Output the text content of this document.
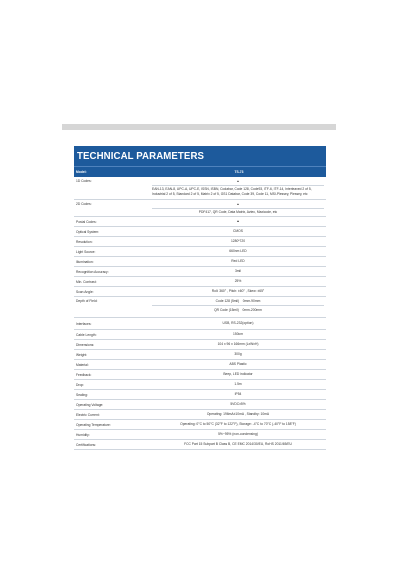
TECHNICAL PARAMETERS
Model:	TS-73
1D Codes:	▲
EAN-13, EAN-8, UPC-A, UPC-E, ISSN, ISBN, Codabar, Code 128, Code93, ITF-6, ITF-14, Interleaved 2 of 5, Industrial 2 of 5, Standard 2 of 5, Matrix 2 of 5, GS1 Databar, Code 39, Code 11, MSI-Plessey, Plessey, etc
2D Codes:	▲
PDF417, QR Code, Data Matrix, Aztec, Maxicode, etc
Postal Codes:	▲
Optical System:	CMOS
Resolution:	1280*720
Light Source:	660nm LED
Illumination:	Red LED
Recognition Accuracy:	3mil
Min. Contrast:	25%
Scan Angle:	Roll: 360° , Pitch: ±60° , Skew: ±65°
Depth of Field:	Code 128 (5mil)    0mm-90mm
QR Code (15mil)    0mm-200mm
Interfaces:	USB, RS-232(option)
Cable Length:	150cm
Dimensions:	104 x 96 x 166mm (LxWxH)
Weight:	300g
Material:	ABS Plastic
Feedback:	Beep, LED indicator
Drop:	1.5m
Sealing:	IP54
Operating Voltage:	5VDC±5%
Electric Current:	Operating: 196mA±10mA , Standby: 10mA
Operating Temperature:	Operating: 0°C to 50°C (32°F to 122°F), Storage: -4°C to 70°C (-40°F to 158°F)
Humidity:	5%~95% (non-condensing)
Certifications:	FCC Part 15 Subpart B Class B, CE EMC 2014/30/EU, RoHS 2011/65/EU
